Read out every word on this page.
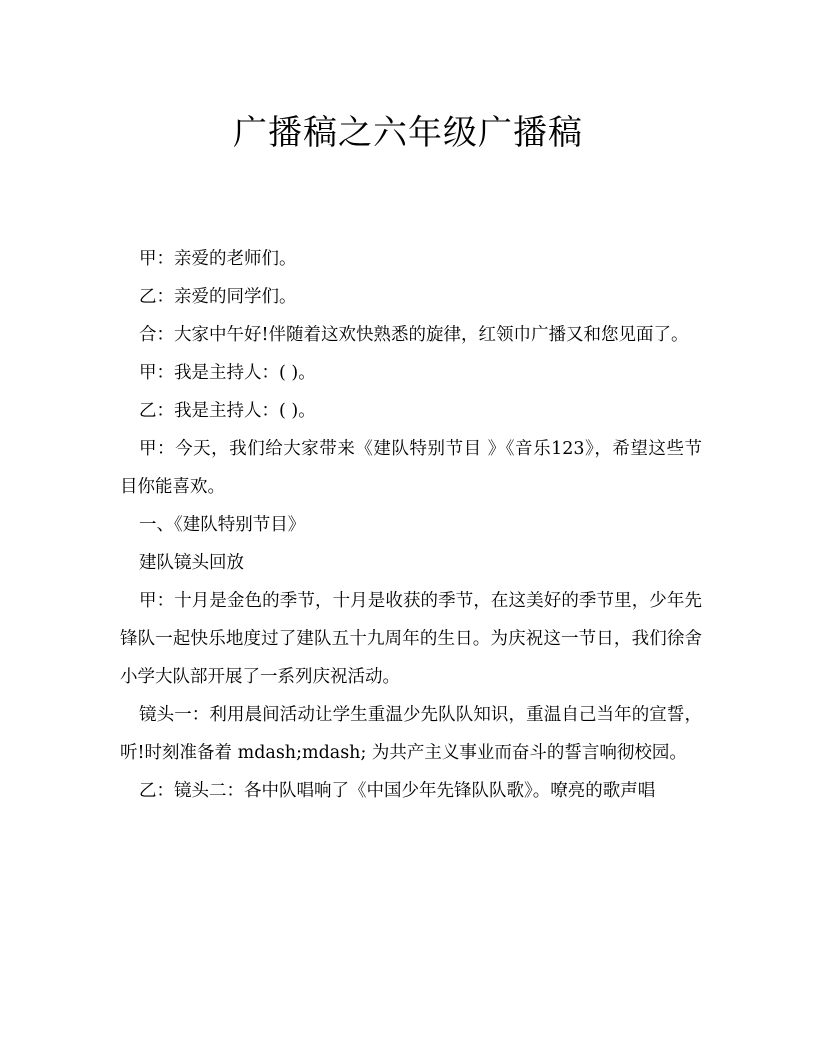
广播稿之六年级广播稿

甲：亲爱的老师们。

乙：亲爱的同学们。

合：大家中午好!伴随着这欢快熟悉的旋律，红领巾广播又和您见面了。

甲：我是主持人：( )。

乙：我是主持人：( )。

甲：今天，我们给大家带来《建队特别节目 》《音乐123》，希望这些节目你能喜欢。

一、《建队特别节目》

建队镜头回放

甲：十月是金色的季节，十月是收获的季节，在这美好的季节里，少年先锋队一起快乐地度过了建队五十九周年的生日。为庆祝这一节日，我们徐舍小学大队部开展了一系列庆祝活动。

镜头一：利用晨间活动让学生重温少先队队知识，重温自己当年的宣誓，听!时刻准备着 mdash;mdash; 为共产主义事业而奋斗的誓言响彻校园。

乙：镜头二：各中队唱响了《中国少年先锋队队歌》。嘹亮的歌声唱
